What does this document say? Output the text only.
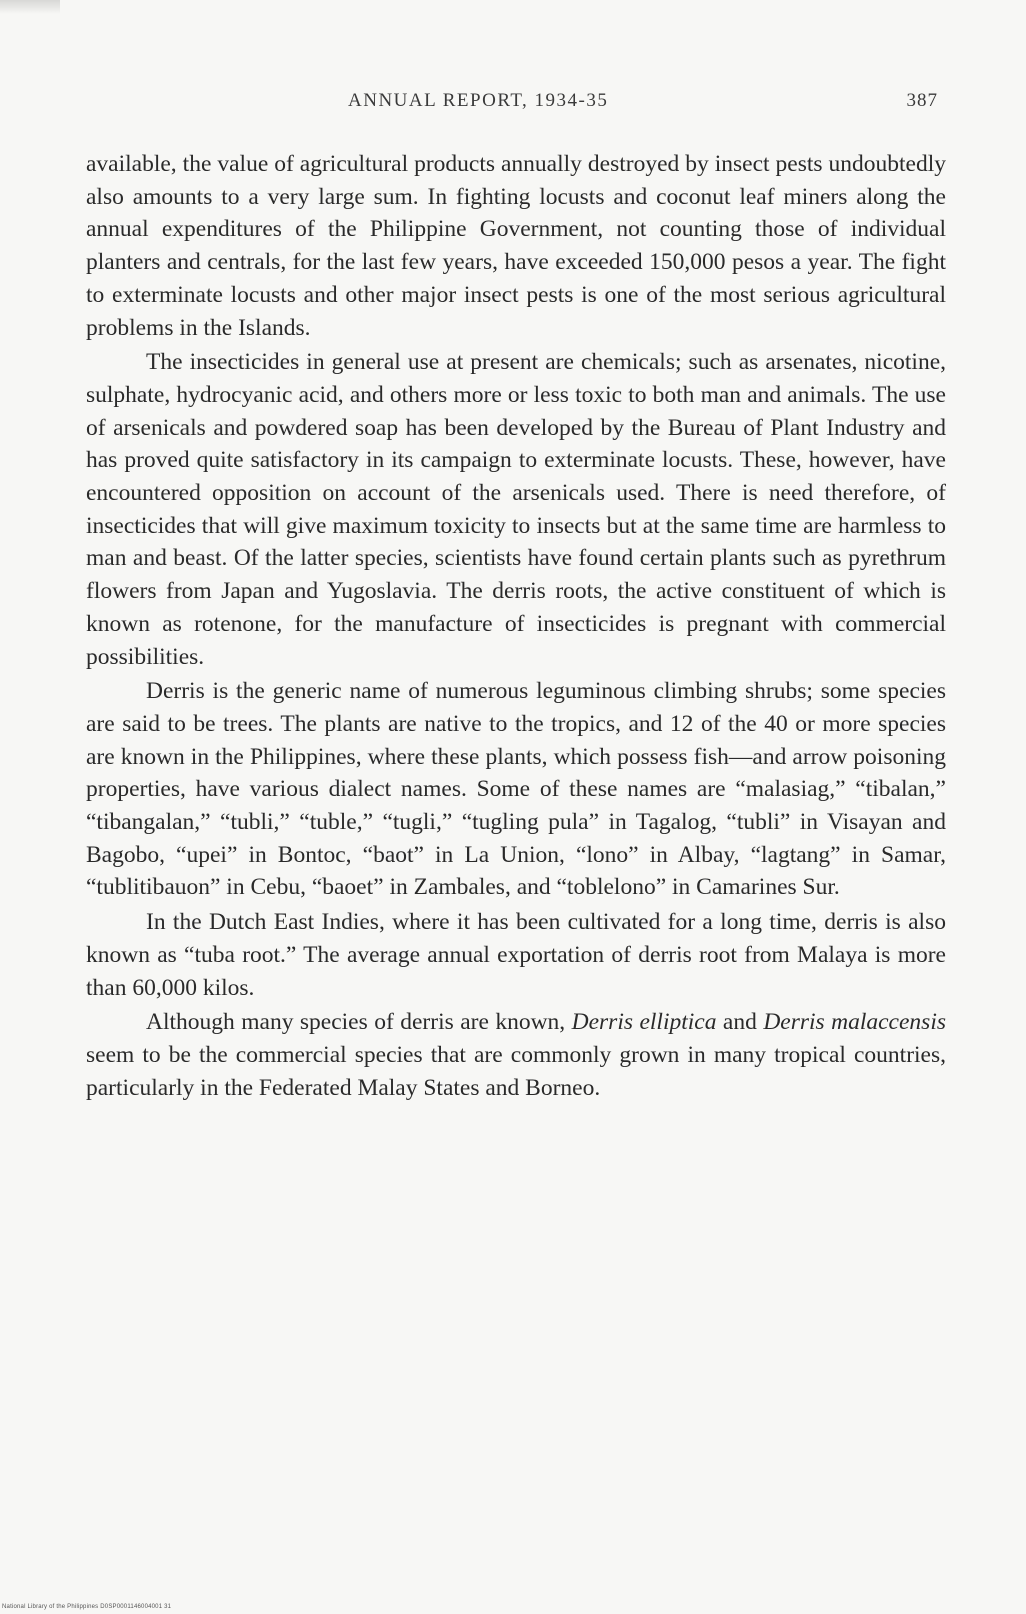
ANNUAL REPORT, 1934-35	387

available, the value of agricultural products annually destroyed by insect pests undoubtedly also amounts to a very large sum. In fighting locusts and coconut leaf miners along the annual expenditures of the Philippine Government, not counting those of individual planters and centrals, for the last few years, have exceeded 150,000 pesos a year. The fight to exterminate locusts and other major insect pests is one of the most serious agricultural problems in the Islands.

The insecticides in general use at present are chemicals; such as arsenates, nicotine, sulphate, hydrocyanic acid, and others more or less toxic to both man and animals. The use of arsenicals and powdered soap has been developed by the Bureau of Plant Industry and has proved quite satisfactory in its campaign to exterminate locusts. These, however, have encountered opposition on account of the arsenicals used. There is need therefore, of insecticides that will give maximum toxicity to insects but at the same time are harmless to man and beast. Of the latter species, scientists have found certain plants such as pyrethrum flowers from Japan and Yugoslavia. The derris roots, the active constituent of which is known as rotenone, for the manufacture of insecticides is pregnant with commercial possibilities.

Derris is the generic name of numerous leguminous climbing shrubs; some species are said to be trees. The plants are native to the tropics, and 12 of the 40 or more species are known in the Philippines, where these plants, which possess fish—and arrow poisoning properties, have various dialect names. Some of these names are “malasiag,” “tibalan,” “tibangalan,” “tubli,” “tuble,” “tugli,” “tugling pula” in Tagalog, “tubli” in Visayan and Bagobo, “upei” in Bontoc, “baot” in La Union, “lono” in Albay, “lagtang” in Samar, “tublitibauon” in Cebu, “baoet” in Zambales, and “toblelono” in Camarines Sur.

In the Dutch East Indies, where it has been cultivated for a long time, derris is also known as “tuba root.” The average annual exportation of derris root from Malaya is more than 60,000 kilos.

Although many species of derris are known, Derris elliptica and Derris malaccensis seem to be the commercial species that are commonly grown in many tropical countries, particularly in the Federated Malay States and Borneo.

National Library of the Philippines D0SP0001146004001 31
